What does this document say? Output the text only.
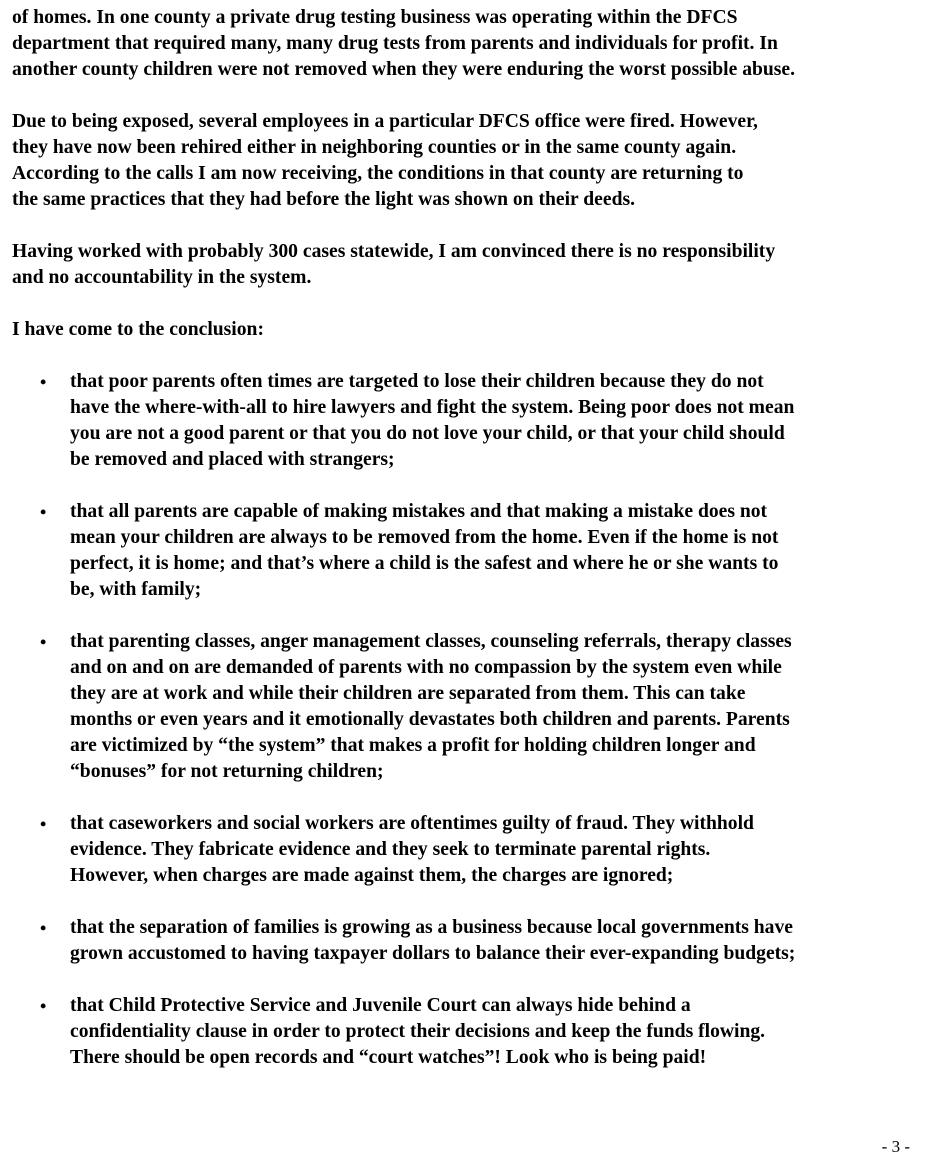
of homes. In one county a private drug testing business was operating within the DFCS
department that required many, many drug tests from parents and individuals for profit. In
another county children were not removed when they were enduring the worst possible abuse.
Due to being exposed, several employees in a particular DFCS office were fired. However,
they have now been rehired either in neighboring counties or in the same county again.
According to the calls I am now receiving, the conditions in that county are returning to
the same practices that they had before the light was shown on their deeds.
Having worked with probably 300 cases statewide, I am convinced there is no responsibility
and no accountability in the system.
I have come to the conclusion:
• that poor parents often times are targeted to lose their children because they do not
have the where-with-all to hire lawyers and fight the system. Being poor does not mean
you are not a good parent or that you do not love your child, or that your child should
be removed and placed with strangers;
• that all parents are capable of making mistakes and that making a mistake does not
mean your children are always to be removed from the home. Even if the home is not
perfect, it is home; and that’s where a child is the safest and where he or she wants to
be, with family;
• that parenting classes, anger management classes, counseling referrals, therapy classes
and on and on are demanded of parents with no compassion by the system even while
they are at work and while their children are separated from them. This can take
months or even years and it emotionally devastates both children and parents. Parents
are victimized by “the system” that makes a profit for holding children longer and
“bonuses” for not returning children;
• that caseworkers and social workers are oftentimes guilty of fraud. They withhold
evidence. They fabricate evidence and they seek to terminate parental rights.
However, when charges are made against them, the charges are ignored;
• that the separation of families is growing as a business because local governments have
grown accustomed to having taxpayer dollars to balance their ever-expanding budgets;
• that Child Protective Service and Juvenile Court can always hide behind a
confidentiality clause in order to protect their decisions and keep the funds flowing.
There should be open records and “court watches”! Look who is being paid!
- 3 -
